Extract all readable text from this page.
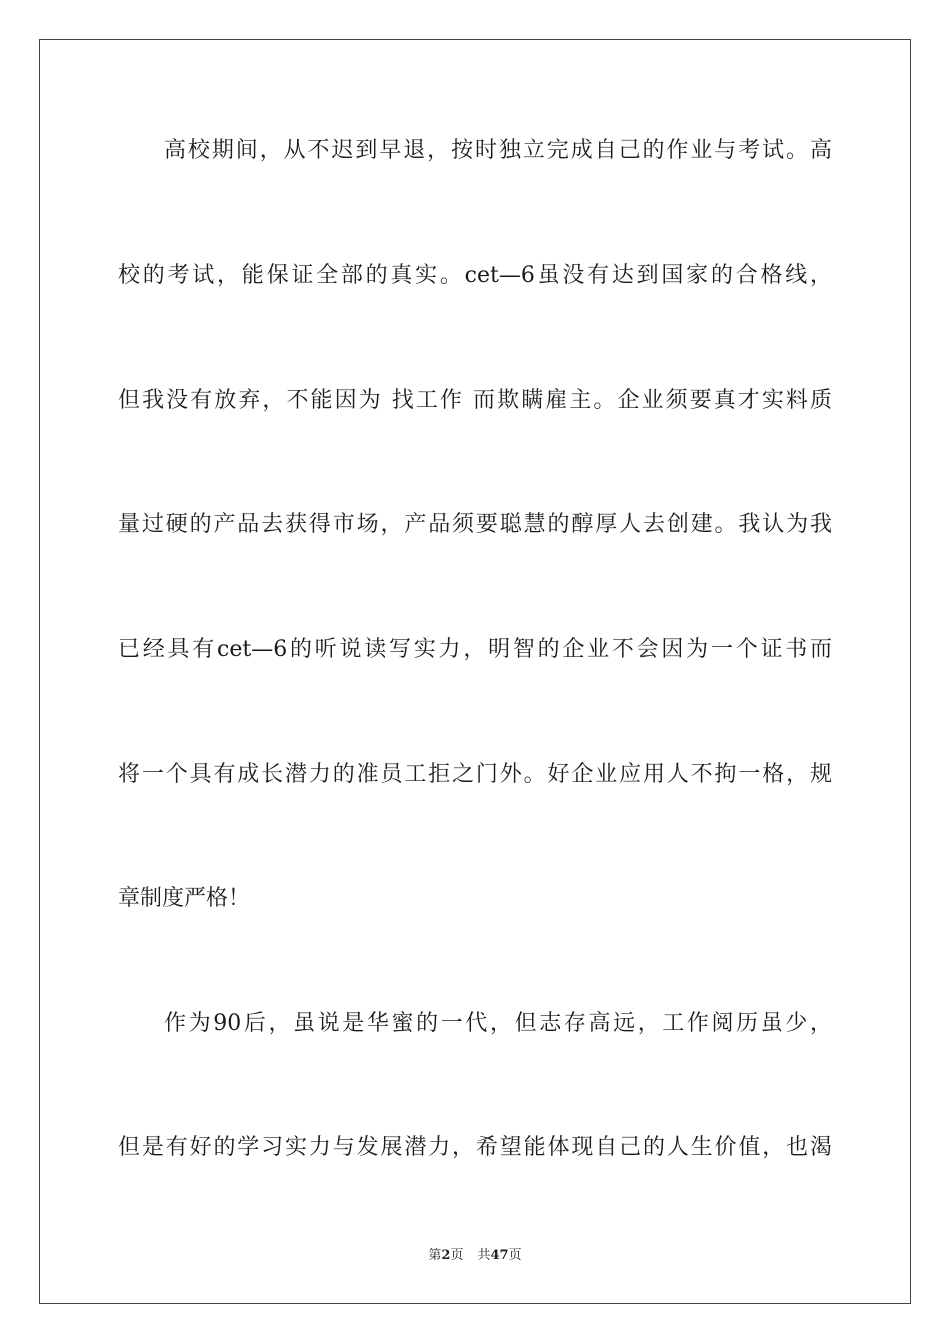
高校期间，从不迟到早退，按时独立完成自己的作业与考试。高
校的考试，能保证全部的真实。cet—6虽没有达到国家的合格线，
但我没有放弃，不能因为 找工作 而欺瞒雇主。企业须要真才实料质
量过硬的产品去获得市场，产品须要聪慧的醇厚人去创建。我认为我
已经具有cet—6的听说读写实力，明智的企业不会因为一个证书而
将一个具有成长潜力的准员工拒之门外。好企业应用人不拘一格，规
章制度严格！
作为90后，虽说是华蜜的一代，但志存高远，工作阅历虽少，
但是有好的学习实力与发展潜力，希望能体现自己的人生价值，也渴
第2页 共47页
